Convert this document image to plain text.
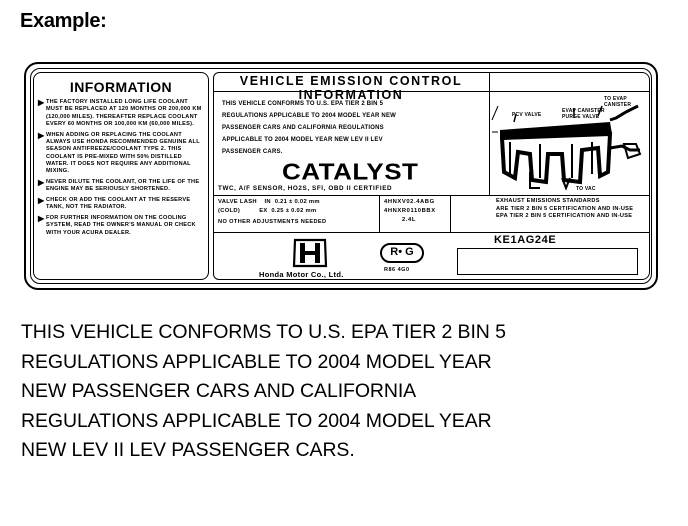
Example:
INFORMATION
▶ THE FACTORY INSTALLED LONG LIFE COOLANT MUST BE REPLACED AT 120 MONTHS OR 200,000 KM (120,000 MILES). THEREAFTER REPLACE COOLANT EVERY 60 MONTHS OR 100,000 KM (60,000 MILES).
▶ WHEN ADDING OR REPLACING THE COOLANT ALWAYS USE HONDA RECOMMENDED GENUINE ALL SEASON ANTIFREEZE/COOLANT TYPE 2. THIS COOLANT IS PRE-MIXED WITH 50% DISTILLED WATER. IT DOES NOT REQUIRE ANY ADDITIONAL MIXING.
▶ NEVER DILUTE THE COOLANT, OR THE LIFE OF THE ENGINE MAY BE SERIOUSLY SHORTENED.
▶ CHECK OR ADD THE COOLANT AT THE RESERVE TANK, NOT THE RADIATOR.
▶ FOR FURTHER INFORMATION ON THE COOLING SYSTEM, READ THE OWNER'S MANUAL OR CHECK WITH YOUR ACURA DEALER.
VEHICLE EMISSION CONTROL INFORMATION
THIS VEHICLE CONFORMS TO U.S. EPA TIER 2 BIN 5
REGULATIONS APPLICABLE TO 2004 MODEL YEAR NEW
PASSENGER CARS AND CALIFORNIA REGULATIONS
APPLICABLE TO 2004 MODEL YEAR NEW LEV II LEV
PASSENGER CARS.
CATALYST
TWC, A/F SENSOR, HO2S, SFI, OBD II CERTIFIED
VALVE LASH    IN  0.21 ± 0.02 mm
(COLD)          EX  0.25 ± 0.02 mm
NO OTHER ADJUSTMENTS NEEDED
4HNXV02.4ABG
4HNXR0110BBX
2.4L
EXHAUST EMISSIONS STANDARDS
ARE TIER 2 BIN 5 CERTIFICATION AND IN-USE
EPA TIER 2 BIN 5 CERTIFICATION AND IN-USE
Honda Motor Co., Ltd.
R• G
R86 4G0
KE1AG24E
TO EVAP CANISTER
PCV VALVE
EVAP CANISTER
PURGE VALVE
TO VAC
THIS VEHICLE CONFORMS TO U.S. EPA TIER 2 BIN 5
REGULATIONS APPLICABLE TO 2004 MODEL YEAR
NEW PASSENGER CARS AND CALIFORNIA
REGULATIONS APPLICABLE TO 2004 MODEL YEAR
NEW LEV II LEV PASSENGER CARS.
